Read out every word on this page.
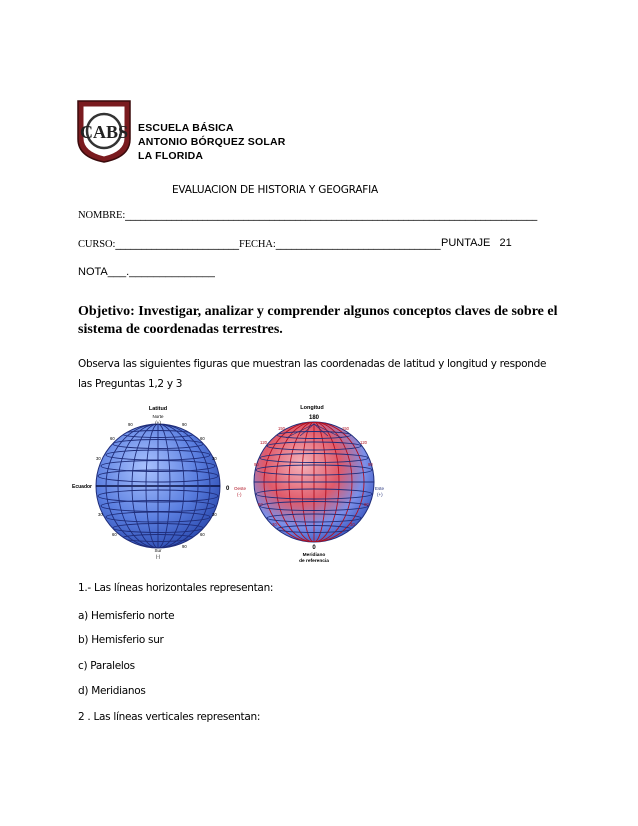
CABS ESCUELA BÁSICA
ANTONIO BÓRQUEZ SOLAR
LA FLORIDA
EVALUACION DE HISTORIA Y GEOGRAFIA
NOMBRE:________________________________________________________________________________
CURSO:________________________FECHA:________________________________ PUNTAJE 21
NOTA___.______________
Objetivo: Investigar, analizar y comprender algunos conceptos claves de sobre el sistema de coordenadas terrestres.
Observa las siguientes figuras que muestran las coordenadas de latitud y longitud y responde las Preguntas 1,2 y 3
Latitud
Norte
(+)
Ecuador	0
Sur
(-)
90
60
30	30
60
90
30
60
90
30
60
Longitud
180
150
120
90
60
30
150
120
90
60
30
Oeste
(-)
Este
(+)
0
Meridiano
de referencia
1.- Las líneas horizontales representan:
a) Hemisferio norte
b) Hemisferio sur
c) Paralelos
d) Meridianos
2 . Las líneas verticales representan:
